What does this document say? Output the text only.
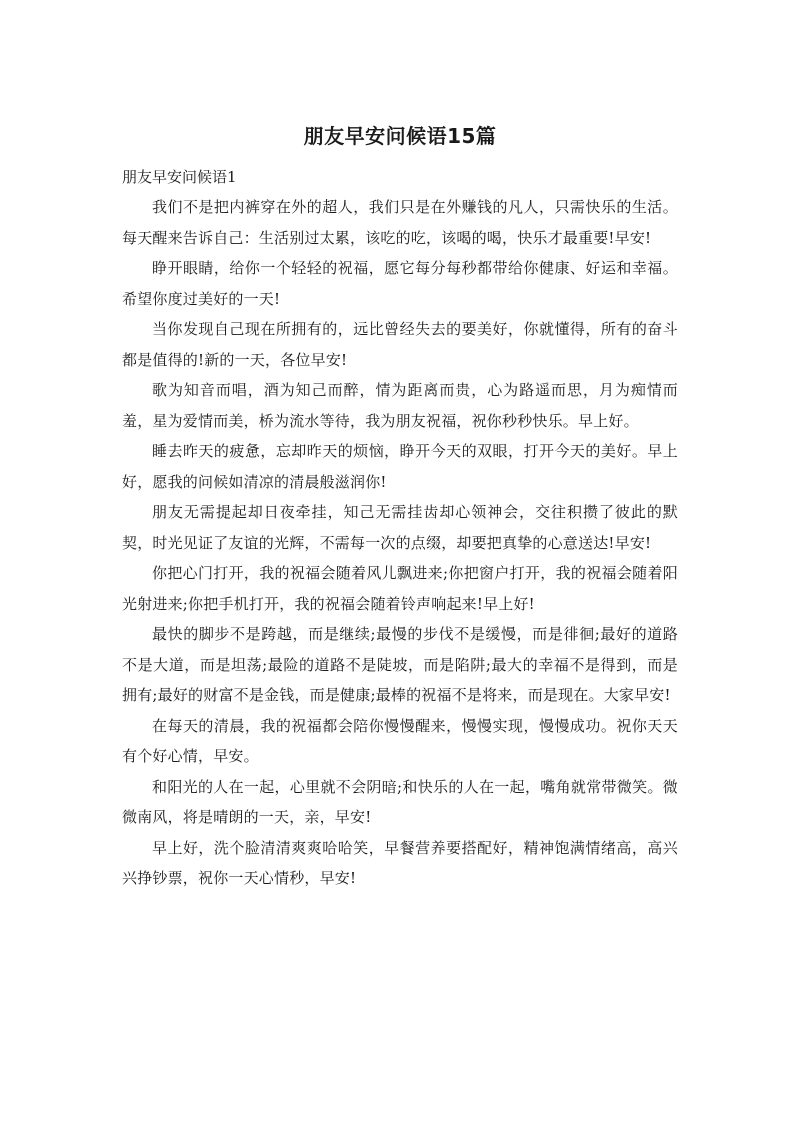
朋友早安问候语15篇

朋友早安问候语1

我们不是把内裤穿在外的超人，我们只是在外赚钱的凡人，只需快乐的生活。每天醒来告诉自己：生活别过太累，该吃的吃，该喝的喝，快乐才最重要!早安!

睁开眼睛，给你一个轻轻的祝福，愿它每分每秒都带给你健康、好运和幸福。希望你度过美好的一天!

当你发现自己现在所拥有的，远比曾经失去的要美好，你就懂得，所有的奋斗都是值得的!新的一天，各位早安!

歌为知音而唱，酒为知己而醉，情为距离而贵，心为路遥而思，月为痴情而羞，星为爱情而美，桥为流水等待，我为朋友祝福，祝你秒秒快乐。早上好。

睡去昨天的疲惫，忘却昨天的烦恼，睁开今天的双眼，打开今天的美好。早上好，愿我的问候如清凉的清晨般滋润你!

朋友无需提起却日夜牵挂，知己无需挂齿却心领神会，交往积攒了彼此的默契，时光见证了友谊的光辉，不需每一次的点缀，却要把真挚的心意送达!早安!

你把心门打开，我的祝福会随着风儿飘进来;你把窗户打开，我的祝福会随着阳光射进来;你把手机打开，我的祝福会随着铃声响起来!早上好!

最快的脚步不是跨越，而是继续;最慢的步伐不是缓慢，而是徘徊;最好的道路不是大道，而是坦荡;最险的道路不是陡坡，而是陷阱;最大的幸福不是得到，而是拥有;最好的财富不是金钱，而是健康;最棒的祝福不是将来，而是现在。大家早安!

在每天的清晨，我的祝福都会陪你慢慢醒来，慢慢实现，慢慢成功。祝你天天有个好心情，早安。

和阳光的人在一起，心里就不会阴暗;和快乐的人在一起，嘴角就常带微笑。微微南风，将是晴朗的一天，亲，早安!

早上好，洗个脸清清爽爽哈哈笑，早餐营养要搭配好，精神饱满情绪高，高兴兴挣钞票，祝你一天心情秒，早安!
